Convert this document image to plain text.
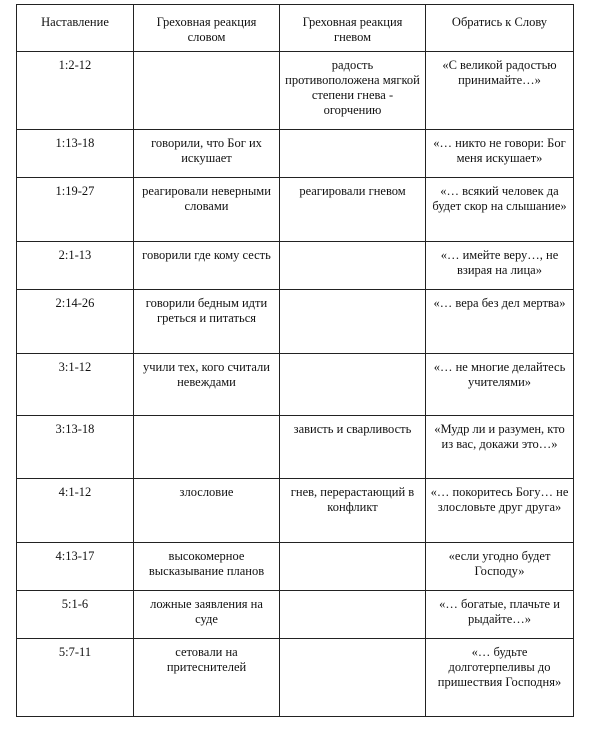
Наставление	Греховная реакция словом	Греховная реакция гневом	Обратись к Слову
1:2-12		радость противоположена мягкой степени гнева - огорчению	«С великой радостью принимайте…»
1:13-18	говорили, что Бог их искушает		«… никто не говори: Бог меня искушает»
1:19-27	реагировали неверными словами	реагировали гневом	«… всякий человек да будет скор на слышание»
2:1-13	говорили где кому сесть		«… имейте веру…, не взирая на лица»
2:14-26	говорили бедным идти греться и питаться		«… вера без дел мертва»
3:1-12	учили тех, кого считали невеждами		«… не многие делайтесь учителями»
3:13-18		зависть и сварливость	«Мудр ли и разумен, кто из вас, докажи это…»
4:1-12	злословие	гнев, перерастающий в конфликт	«… покоритесь Богу… не злословьте друг друга»
4:13-17	высокомерное высказывание планов		«если угодно будет Господу»
5:1-6	ложные заявления на суде		«… богатые, плачьте и рыдайте…»
5:7-11	сетовали на притеснителей		«… будьте долготерпеливы до пришествия Господня»
